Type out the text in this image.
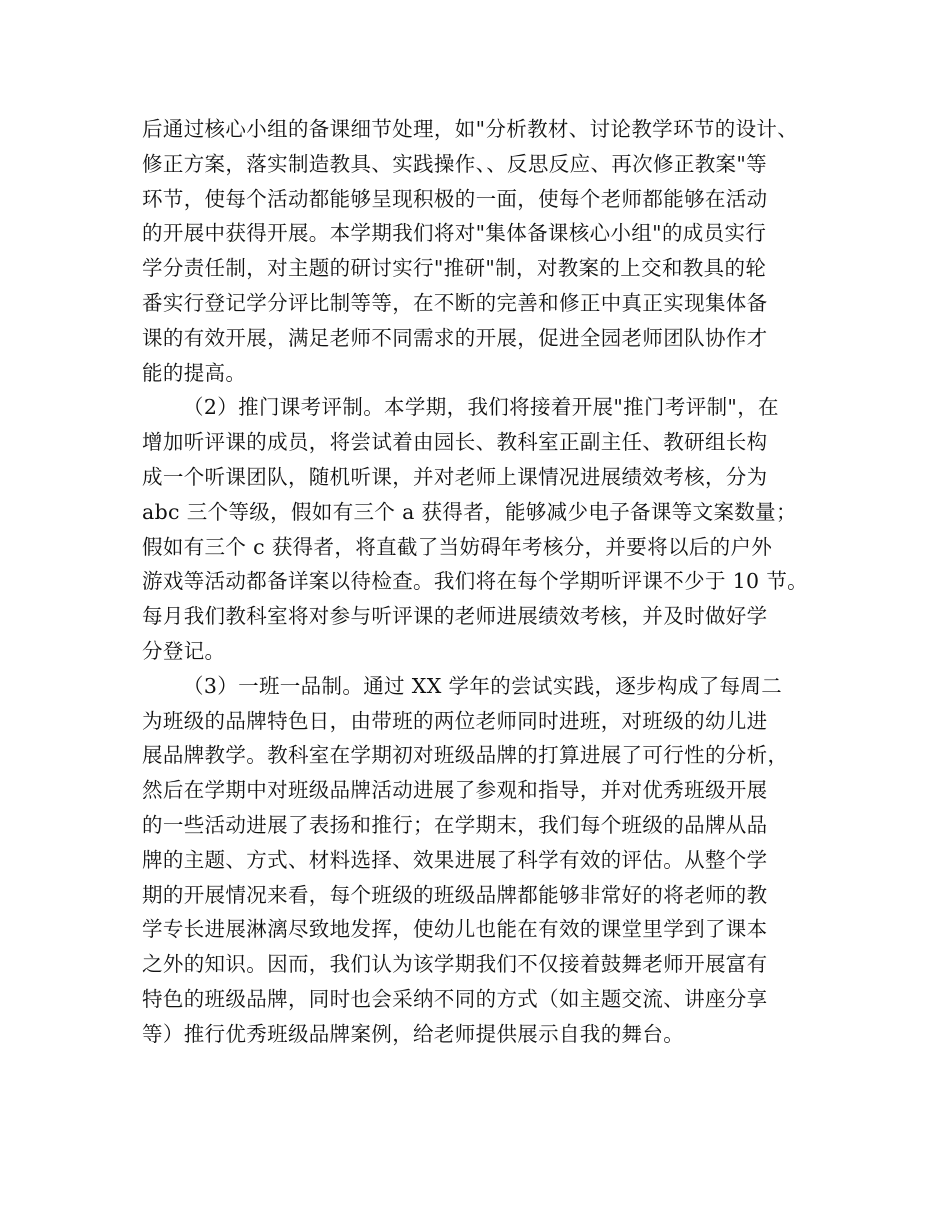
后通过核心小组的备课细节处理，如"分析教材、讨论教学环节的设计、
修正方案，落实制造教具、实践操作、、反思反应、再次修正教案"等
环节，使每个活动都能够呈现积极的一面，使每个老师都能够在活动
的开展中获得开展。本学期我们将对"集体备课核心小组"的成员实行
学分责任制，对主题的研讨实行"推研"制，对教案的上交和教具的轮
番实行登记学分评比制等等，在不断的完善和修正中真正实现集体备
课的有效开展，满足老师不同需求的开展，促进全园老师团队协作才
能的提高。
（2）推门课考评制。本学期，我们将接着开展"推门考评制"，在
增加听评课的成员，将尝试着由园长、教科室正副主任、教研组长构
成一个听课团队，随机听课，并对老师上课情况进展绩效考核，分为
abc 三个等级，假如有三个 a 获得者，能够减少电子备课等文案数量；
假如有三个 c 获得者，将直截了当妨碍年考核分，并要将以后的户外
游戏等活动都备详案以待检查。我们将在每个学期听评课不少于 10 节。
每月我们教科室将对参与听评课的老师进展绩效考核，并及时做好学
分登记。
（3）一班一品制。通过 XX 学年的尝试实践，逐步构成了每周二
为班级的品牌特色日，由带班的两位老师同时进班，对班级的幼儿进
展品牌教学。教科室在学期初对班级品牌的打算进展了可行性的分析，
然后在学期中对班级品牌活动进展了参观和指导，并对优秀班级开展
的一些活动进展了表扬和推行；在学期末，我们每个班级的品牌从品
牌的主题、方式、材料选择、效果进展了科学有效的评估。从整个学
期的开展情况来看，每个班级的班级品牌都能够非常好的将老师的教
学专长进展淋漓尽致地发挥，使幼儿也能在有效的课堂里学到了课本
之外的知识。因而，我们认为该学期我们不仅接着鼓舞老师开展富有
特色的班级品牌，同时也会采纳不同的方式（如主题交流、讲座分享
等）推行优秀班级品牌案例，给老师提供展示自我的舞台。
